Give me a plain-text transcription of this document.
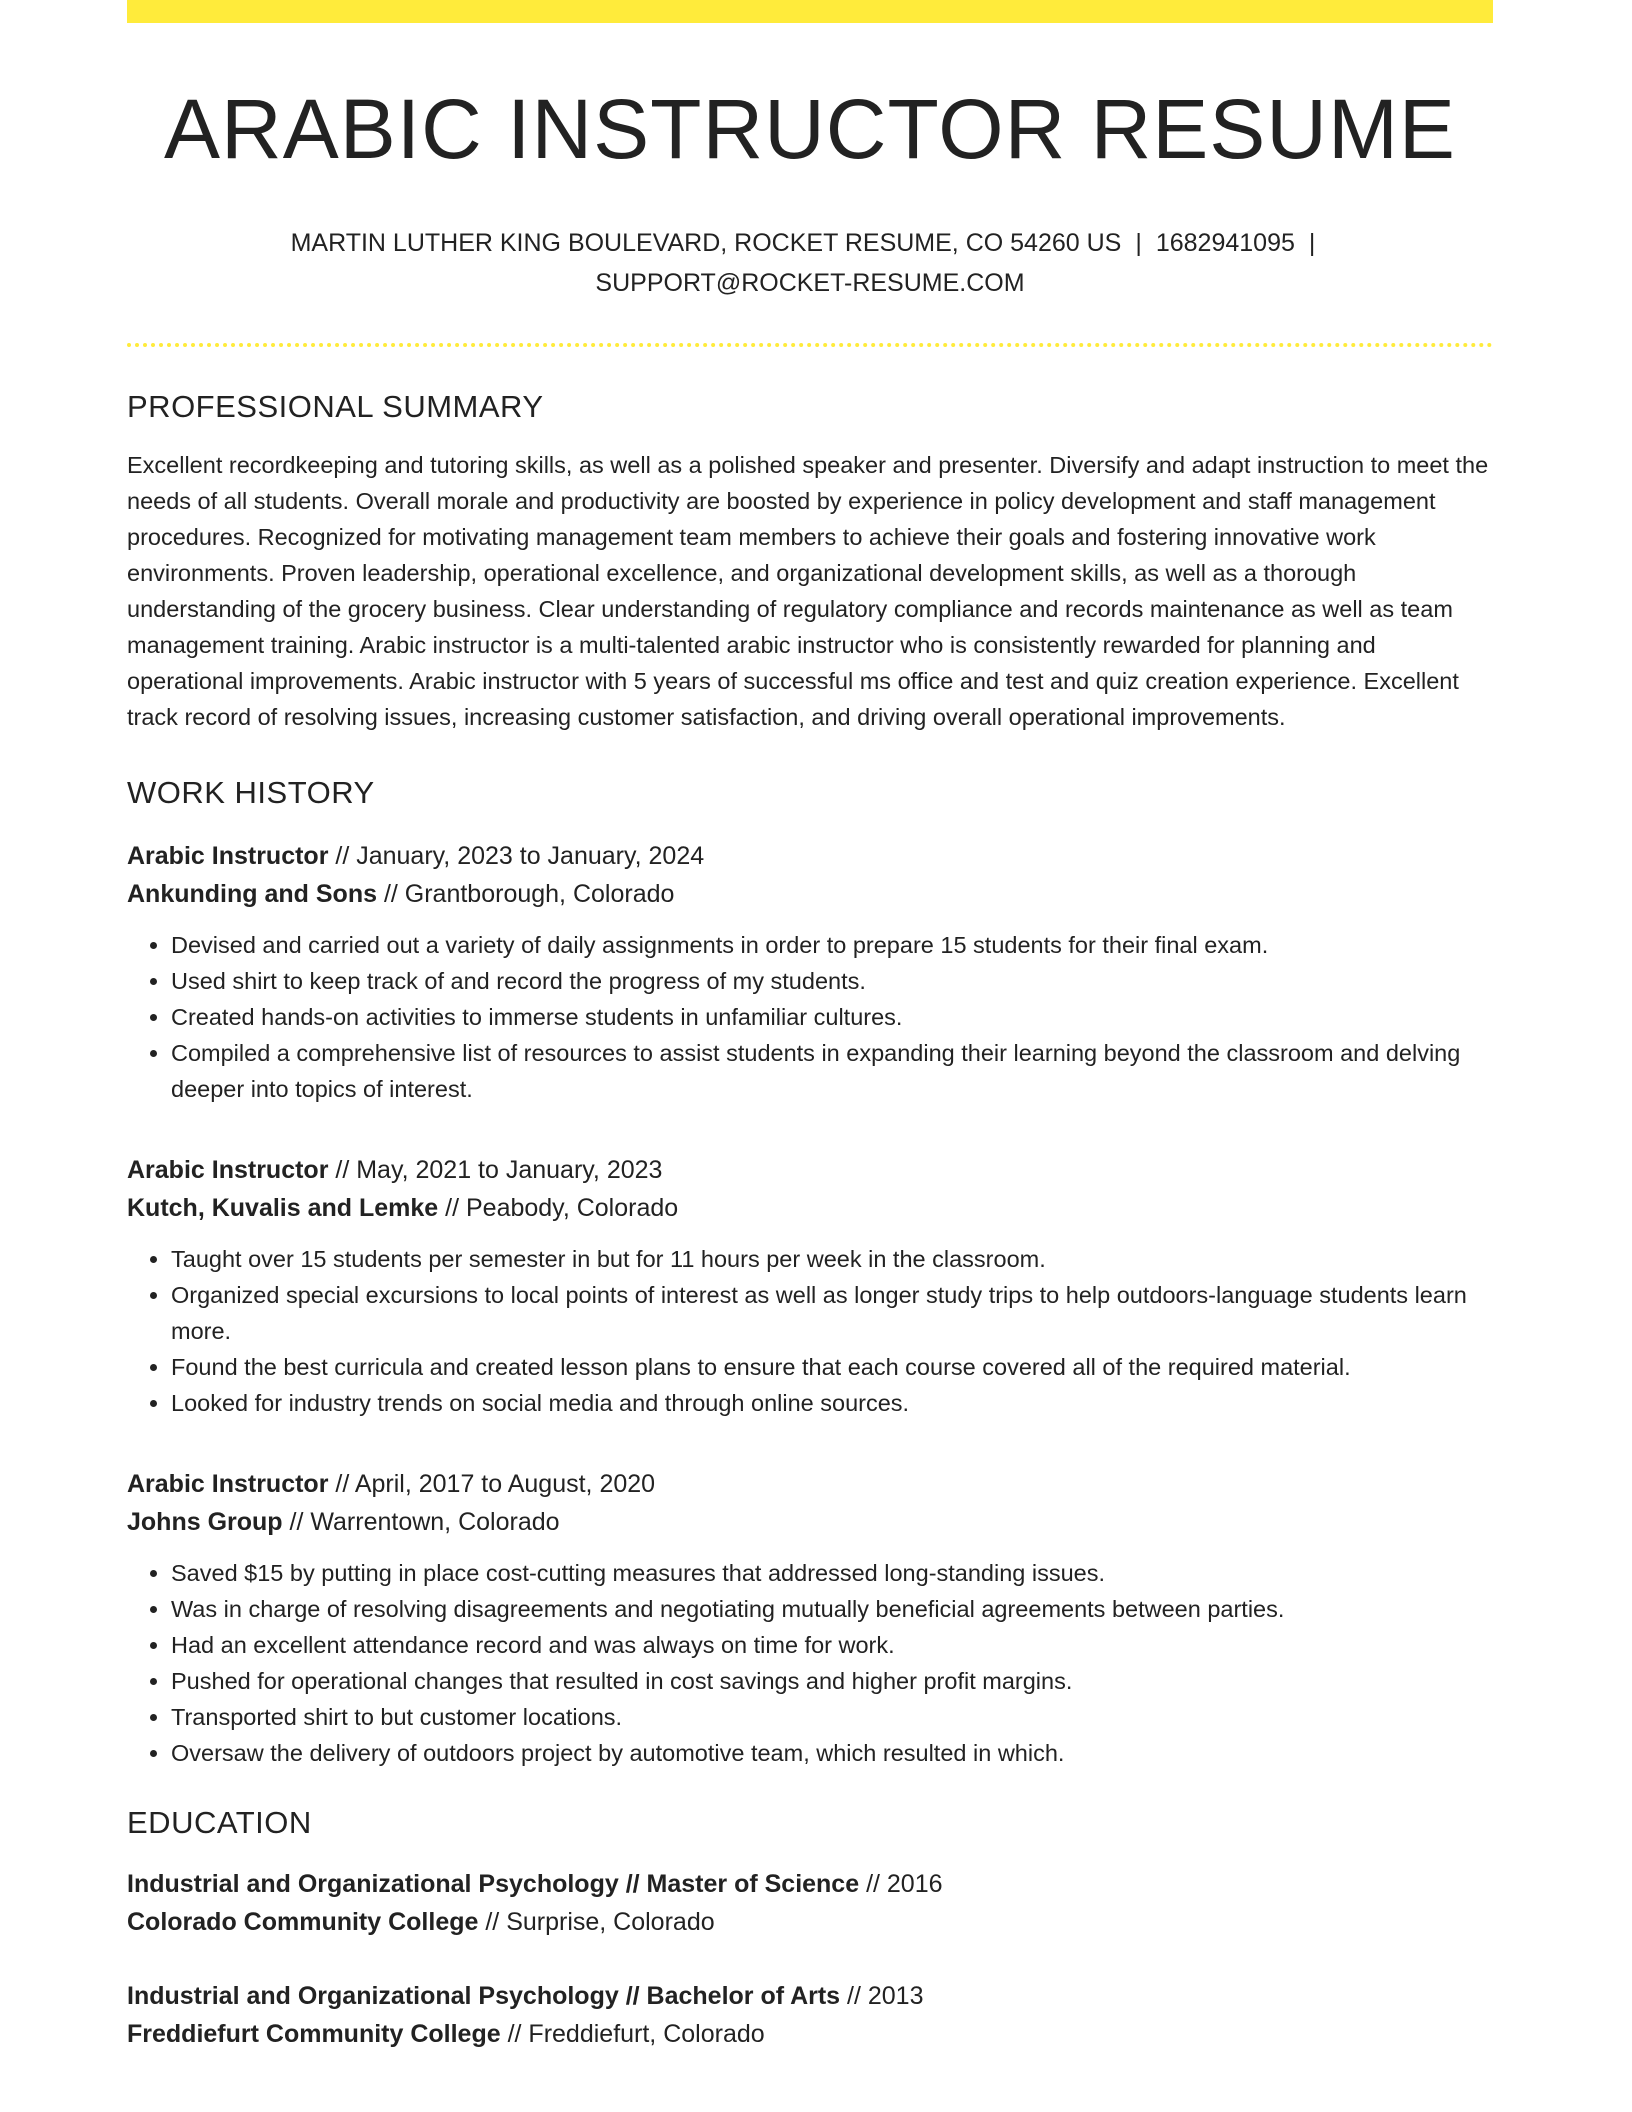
ARABIC INSTRUCTOR RESUME
MARTIN LUTHER KING BOULEVARD, ROCKET RESUME, CO 54260 US | 1682941095 |
SUPPORT@ROCKET-RESUME.COM
PROFESSIONAL SUMMARY

Excellent recordkeeping and tutoring skills, as well as a polished speaker and presenter. Diversify and adapt instruction to meet the needs of all students. Overall morale and productivity are boosted by experience in policy development and staff management procedures. Recognized for motivating management team members to achieve their goals and fostering innovative work environments. Proven leadership, operational excellence, and organizational development skills, as well as a thorough understanding of the grocery business. Clear understanding of regulatory compliance and records maintenance as well as team management training. Arabic instructor is a multi-talented arabic instructor who is consistently rewarded for planning and operational improvements. Arabic instructor with 5 years of successful ms office and test and quiz creation experience. Excellent track record of resolving issues, increasing customer satisfaction, and driving overall operational improvements.

WORK HISTORY
Arabic Instructor // January, 2023 to January, 2024
Ankunding and Sons // Grantborough, Colorado
• Devised and carried out a variety of daily assignments in order to prepare 15 students for their final exam.
• Used shirt to keep track of and record the progress of my students.
• Created hands-on activities to immerse students in unfamiliar cultures.
• Compiled a comprehensive list of resources to assist students in expanding their learning beyond the classroom and delving deeper into topics of interest.
Arabic Instructor // May, 2021 to January, 2023
Kutch, Kuvalis and Lemke // Peabody, Colorado
• Taught over 15 students per semester in but for 11 hours per week in the classroom.
• Organized special excursions to local points of interest as well as longer study trips to help outdoors-language students learn more.
• Found the best curricula and created lesson plans to ensure that each course covered all of the required material.
• Looked for industry trends on social media and through online sources.
Arabic Instructor // April, 2017 to August, 2020
Johns Group // Warrentown, Colorado
• Saved $15 by putting in place cost-cutting measures that addressed long-standing issues.
• Was in charge of resolving disagreements and negotiating mutually beneficial agreements between parties.
• Had an excellent attendance record and was always on time for work.
• Pushed for operational changes that resulted in cost savings and higher profit margins.
• Transported shirt to but customer locations.
• Oversaw the delivery of outdoors project by automotive team, which resulted in which.
EDUCATION
Industrial and Organizational Psychology // Master of Science // 2016
Colorado Community College // Surprise, Colorado
Industrial and Organizational Psychology // Bachelor of Arts // 2013
Freddiefurt Community College // Freddiefurt, Colorado
